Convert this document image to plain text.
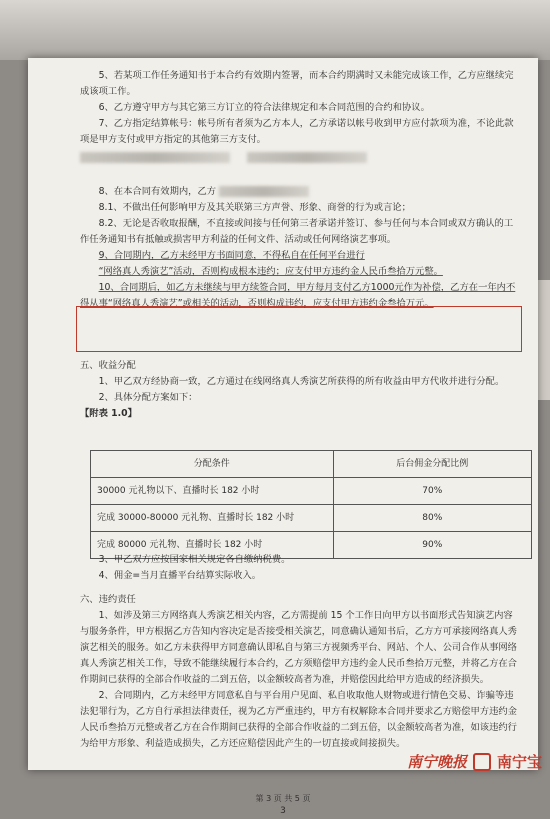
5、若某项工作任务通知书于本合约有效期内签署，而本合约期满时又未能完成该工作，乙方应继续完成该项工作。

6、乙方遵守甲方与其它第三方订立的符合法律规定和本合同范围的合约和协议。

7、乙方指定结算帐号：帐号所有者须为乙方本人，乙方承诺以帐号收到甲方应付款项为准，不论此款项是甲方支付或甲方指定的其他第三方支付。

8、在本合同有效期内，乙方

8.1、不做出任何影响甲方及其关联第三方声誉、形象、商誉的行为或言论；

8.2、无论是否收取报酬，不直接或间接与任何第三者承诺并签订、参与任何与本合同或双方确认的工作任务通知书有抵触或损害甲方利益的任何文件、活动或任何网络演艺事项。

9、合同期内，乙方未经甲方书面同意，不得私自在任何平台进行

“网络真人秀演艺”活动，否则构成根本违约；应支付甲方违约金人民币叁拾万元整。

10、合同期后，如乙方未继续与甲方续签合同，甲方每月支付乙方1000元作为补偿，乙方在一年内不得从事“网络真人秀演艺”或相关的活动，否则构成违约，应支付甲方违约金叁拾万元。

五、收益分配

1、甲乙双方经协商一致，乙方通过在线网络真人秀演艺所获得的所有收益由甲方代收并进行分配。

2、具体分配方案如下：

【附表 1.0】

分配条件	后台佣金分配比例
30000 元礼物以下、直播时长 182 小时	70%
完成 30000-80000 元礼物、直播时长 182 小时	80%
完成 80000 元礼物、直播时长 182 小时	90%

3、甲乙双方应按国家相关规定各自缴纳税费。

4、佣金=当月直播平台结算实际收入。

六、违约责任

1、如涉及第三方网络真人秀演艺相关内容，乙方需提前 15 个工作日向甲方以书面形式告知演艺内容与服务条件，甲方根据乙方告知内容决定是否接受相关演艺，同意确认通知书后，乙方方可承接网络真人秀演艺相关的服务。如乙方未获得甲方同意确认即私自与第三方视频秀平台、网站、个人、公司合作从事网络真人秀演艺相关工作，导致不能继续履行本合约，乙方须赔偿甲方违约金人民币叁拾万元整，并将乙方在合作期间已获得的全部合作收益的二到五倍，以金额较高者为准，并赔偿因此给甲方造成的经济损失。

2、合同期内，乙方未经甲方同意私自与平台用户见面、私自收取他人财物或进行情色交易、诈骗等违法犯罪行为，乙方自行承担法律责任，视为乙方严重违约，甲方有权解除本合同并要求乙方赔偿甲方违约金人民币叁拾万元整或者乙方在合作期间已获得的全部合作收益的二到五倍，以金额较高者为准，如该违约行为给甲方形象、利益造成损失，乙方还应赔偿因此产生的一切直接或间接损失。

第 3 页 共 5 页
3
南宁晚报 南宁宝
